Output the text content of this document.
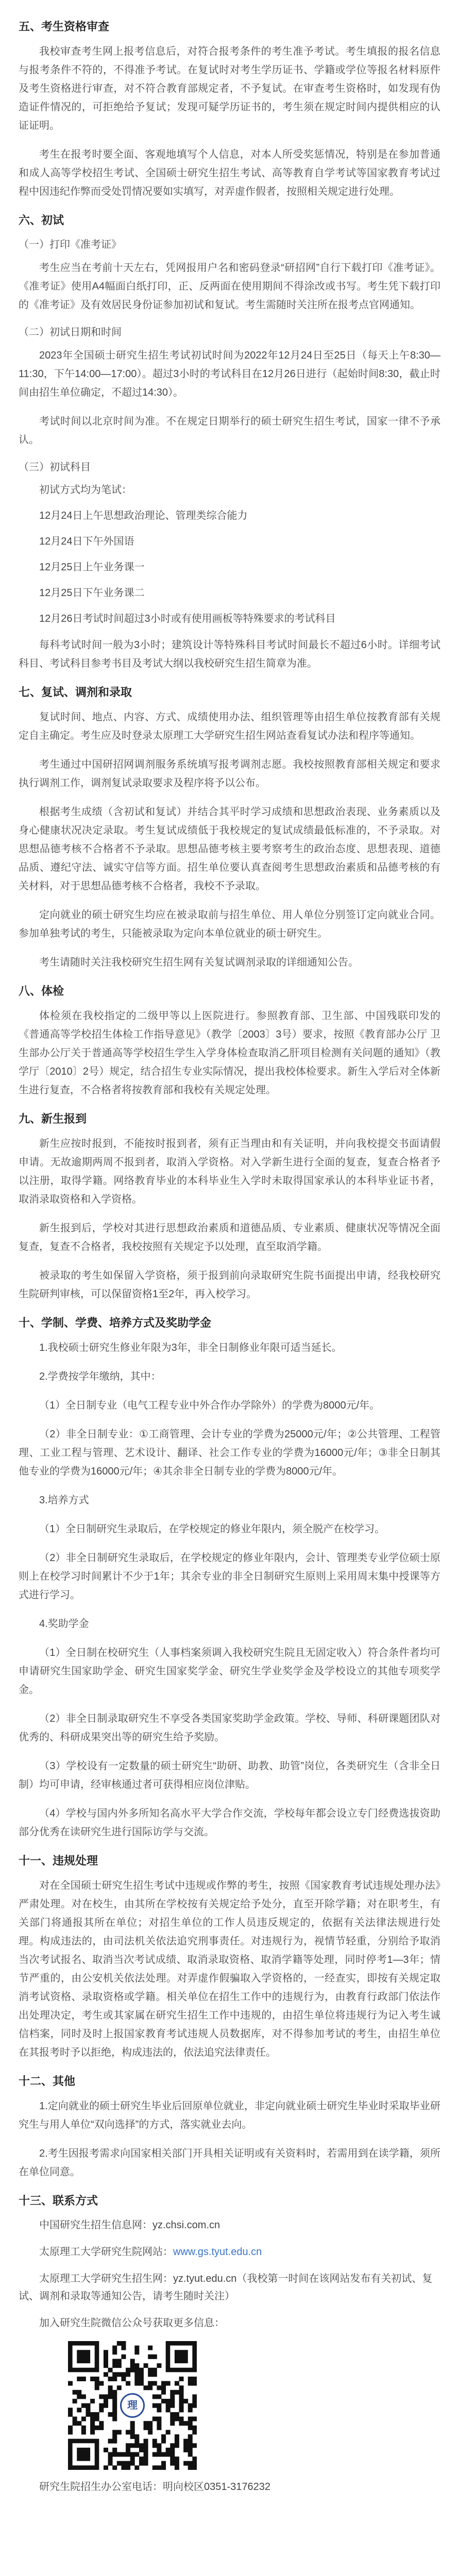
五、考生资格审查

我校审查考生网上报考信息后，对符合报考条件的考生准予考试。考生填报的报名信息与报考条件不符的，不得准予考试。在复试时对考生学历证书、学籍或学位等报名材料原件及考生资格进行审查，对不符合教育部规定者，不予复试。在审查考生资格时，如发现有伪造证件情况的，可拒绝给予复试；发现可疑学历证书的，考生须在规定时间内提供相应的认证证明。

考生在报考时要全面、客观地填写个人信息，对本人所受奖惩情况，特别是在参加普通和成人高等学校招生考试、全国硕士研究生招生考试、高等教育自学考试等国家教育考试过程中因违纪作弊而受处罚情况要如实填写，对弄虚作假者，按照相关规定进行处理。

六、初试
（一）打印《准考证》

考生应当在考前十天左右，凭网报用户名和密码登录“研招网”自行下载打印《准考证》。《准考证》使用A4幅面白纸打印，正、反两面在使用期间不得涂改或书写。考生凭下载打印的《准考证》及有效居民身份证参加初试和复试。考生需随时关注所在报考点官网通知。

（二）初试日期和时间

2023年全国硕士研究生招生考试初试时间为2022年12月24日至25日（每天上午8:30—11:30，下午14:00—17:00）。超过3小时的考试科目在12月26日进行（起始时间8:30，截止时间由招生单位确定，不超过14:30）。

考试时间以北京时间为准。不在规定日期举行的硕士研究生招生考试，国家一律不予承认。

（三）初试科目

初试方式均为笔试：

12月24日上午思想政治理论、管理类综合能力

12月24日下午外国语

12月25日上午业务课一

12月25日下午业务课二

12月26日考试时间超过3小时或有使用画板等特殊要求的考试科目

每科考试时间一般为3小时；建筑设计等特殊科目考试时间最长不超过6小时。详细考试科目、考试科目参考书目及考试大纲以我校研究生招生简章为准。

七、复试、调剂和录取

复试时间、地点、内容、方式、成绩使用办法、组织管理等由招生单位按教育部有关规定自主确定。考生应及时登录太原理工大学研究生招生网站查看复试办法和程序等通知。

考生通过中国研招网调剂服务系统填写报考调剂志愿。我校按照教育部相关规定和要求执行调剂工作，调剂复试录取要求及程序将予以公布。

根据考生成绩（含初试和复试）并结合其平时学习成绩和思想政治表现、业务素质以及身心健康状况决定录取。考生复试成绩低于我校规定的复试成绩最低标准的，不予录取。对思想品德考核不合格者不予录取。思想品德考核主要考察考生的政治态度、思想表现、道德品质、遵纪守法、诚实守信等方面。招生单位要认真查阅考生思想政治素质和品德考核的有关材料，对于思想品德考核不合格者，我校不予录取。

定向就业的硕士研究生均应在被录取前与招生单位、用人单位分别签订定向就业合同。参加单独考试的考生，只能被录取为定向本单位就业的硕士研究生。

考生请随时关注我校研究生招生网有关复试调剂录取的详细通知公告。

八、体检

体检须在我校指定的二级甲等以上医院进行。参照教育部、卫生部、中国残联印发的《普通高等学校招生体检工作指导意见》（教学〔2003〕3号）要求，按照《教育部办公厅 卫生部办公厅关于普通高等学校招生学生入学身体检查取消乙肝项目检测有关问题的通知》（教学厅〔2010〕2号）规定，结合招生专业实际情况，提出我校体检要求。新生入学后对全体新生进行复查，不合格者将按教育部和我校有关规定处理。

九、新生报到

新生应按时报到，不能按时报到者，须有正当理由和有关证明，并向我校提交书面请假申请。无故逾期两周不报到者，取消入学资格。对入学新生进行全面的复查，复查合格者予以注册，取得学籍。网络教育毕业的本科毕业生入学时未取得国家承认的本科毕业证书者，取消录取资格和入学资格。

新生报到后，学校对其进行思想政治素质和道德品质、专业素质、健康状况等情况全面复查，复查不合格者，我校按照有关规定予以处理，直至取消学籍。

被录取的考生如保留入学资格，须于报到前向录取研究生院书面提出申请，经我校研究生院研判审核，可以保留资格1至2年，再入校学习。

十、学制、学费、培养方式及奖助学金

1.我校硕士研究生修业年限为3年，非全日制修业年限可适当延长。

2.学费按学年缴纳，其中：

（1）全日制专业（电气工程专业中外合作办学除外）的学费为8000元/年。

（2）非全日制专业：①工商管理、会计专业的学费为25000元/年；②公共管理、工程管理、工业工程与管理、艺术设计、翻译、社会工作专业的学费为16000元/年；③非全日制其他专业的学费为16000元/年；④其余非全日制专业的学费为8000元/年。

3.培养方式

（1）全日制研究生录取后，在学校规定的修业年限内，须全脱产在校学习。

（2）非全日制研究生录取后，在学校规定的修业年限内，会计、管理类专业学位硕士原则上在校学习时间累计不少于1年；其余专业的非全日制研究生原则上采用周末集中授课等方式进行学习。

4.奖助学金

（1）全日制在校研究生（人事档案须调入我校研究生院且无固定收入）符合条件者均可申请研究生国家助学金、研究生国家奖学金、研究生学业奖学金及学校设立的其他专项奖学金。

（2）非全日制录取研究生不享受各类国家奖助学金政策。学校、导师、科研课题团队对优秀的、科研成果突出等的研究生给予奖励。

（3）学校设有一定数量的硕士研究生“助研、助教、助管”岗位，各类研究生（含非全日制）均可申请，经审核通过者可获得相应岗位津贴。

（4）学校与国内外多所知名高水平大学合作交流，学校每年都会设立专门经费选拔资助部分优秀在读研究生进行国际访学与交流。

十一、违规处理

对在全国硕士研究生招生考试中违规或作弊的考生，按照《国家教育考试违规处理办法》严肃处理。对在校生，由其所在学校按有关规定给予处分，直至开除学籍；对在职考生，有关部门将通报其所在单位；对招生单位的工作人员违反规定的，依据有关法律法规进行处理。构成违法的，由司法机关依法追究刑事责任。对违规行为，视情节轻重，分别给予取消当次考试报名、取消当次考试成绩、取消录取资格、取消学籍等处理，同时停考1—3年；情节严重的，由公安机关依法处理。对弄虚作假骗取入学资格的，一经查实，即按有关规定取消考试资格、录取资格或学籍。相关单位在招生工作中的违规行为，由教育行政部门依法作出处理决定，考生或其家属在研究生招生工作中违规的，由招生单位将违规行为记入考生诚信档案，同时及时上报国家教育考试违规人员数据库，对不得参加考试的考生，由招生单位在其报考时予以拒绝，构成违法的，依法追究法律责任。

十二、其他

1.定向就业的硕士研究生毕业后回原单位就业，非定向就业硕士研究生毕业时采取毕业研究生与用人单位“双向选择”的方式，落实就业去向。

2.考生因报考需求向国家相关部门开具相关证明或有关资料时，若需用到在读学籍，须所在单位同意。

十三、联系方式

中国研究生招生信息网：yz.chsi.com.cn

太原理工大学研究生院网站：www.gs.tyut.edu.cn

太原理工大学研究生招生网：yz.tyut.edu.cn（我校第一时间在该网站发布有关初试、复试、调剂和录取等通知公告，请考生随时关注）

加入研究生院微信公众号获取更多信息：

理

研究生院招生办公室电话：明向校区0351-3176232
